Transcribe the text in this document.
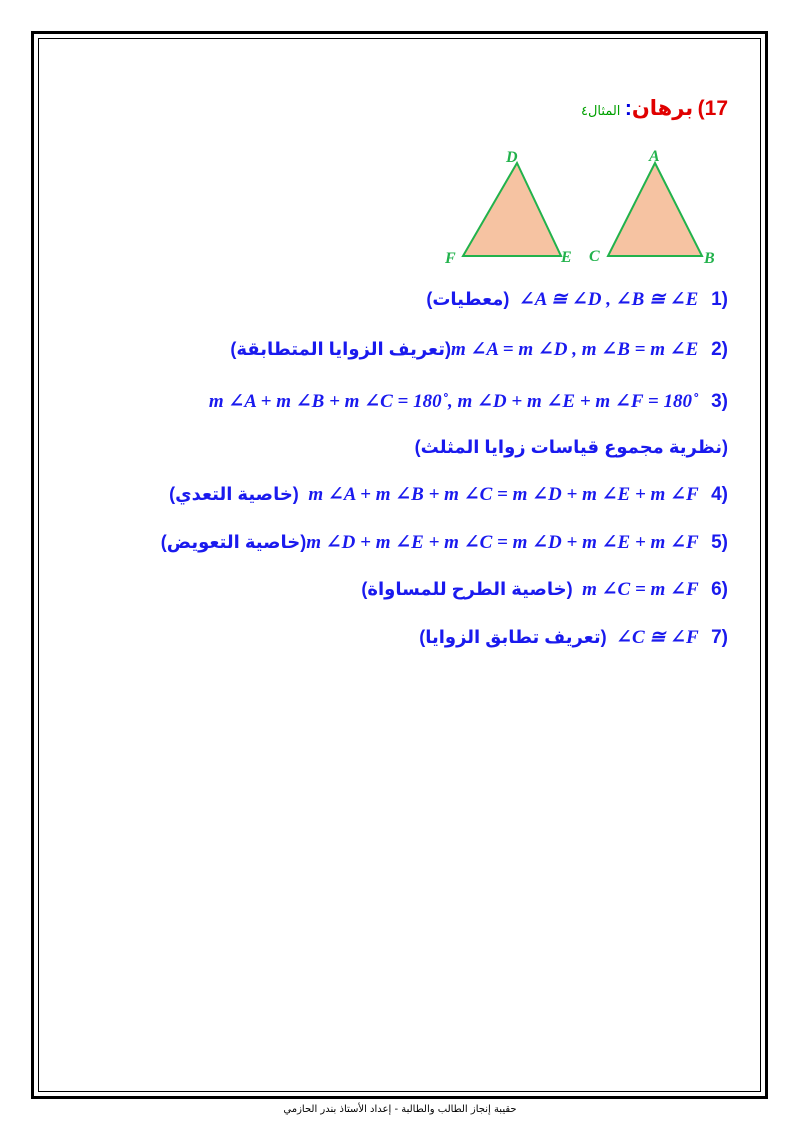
17) برهان: المثال٤
D
F	E
A
C	B
(معطيات) ∠A ≅ ∠D , ∠B ≅ ∠E 1)
(تعريف الزوايا المتطابقة)m ∠A = m ∠D , m ∠B = m ∠E 2)
m ∠A + m ∠B + m ∠C = 180˚, m ∠D + m ∠E + m ∠F = 180˚ 3)
(نظرية مجموع قياسات زوايا المثلث)
(خاصية التعدي) m ∠A + m ∠B + m ∠C = m ∠D + m ∠E + m ∠F 4)
(خاصية التعويض)m ∠D + m ∠E + m ∠C = m ∠D + m ∠E + m ∠F 5)
(خاصية الطرح للمساواة) m ∠C = m ∠F 6)
(تعريف تطابق الزوايا) ∠C ≅ ∠F 7)
حقيبة إنجاز الطالب والطالبة - إعداد الأستاذ بندر الحازمي
